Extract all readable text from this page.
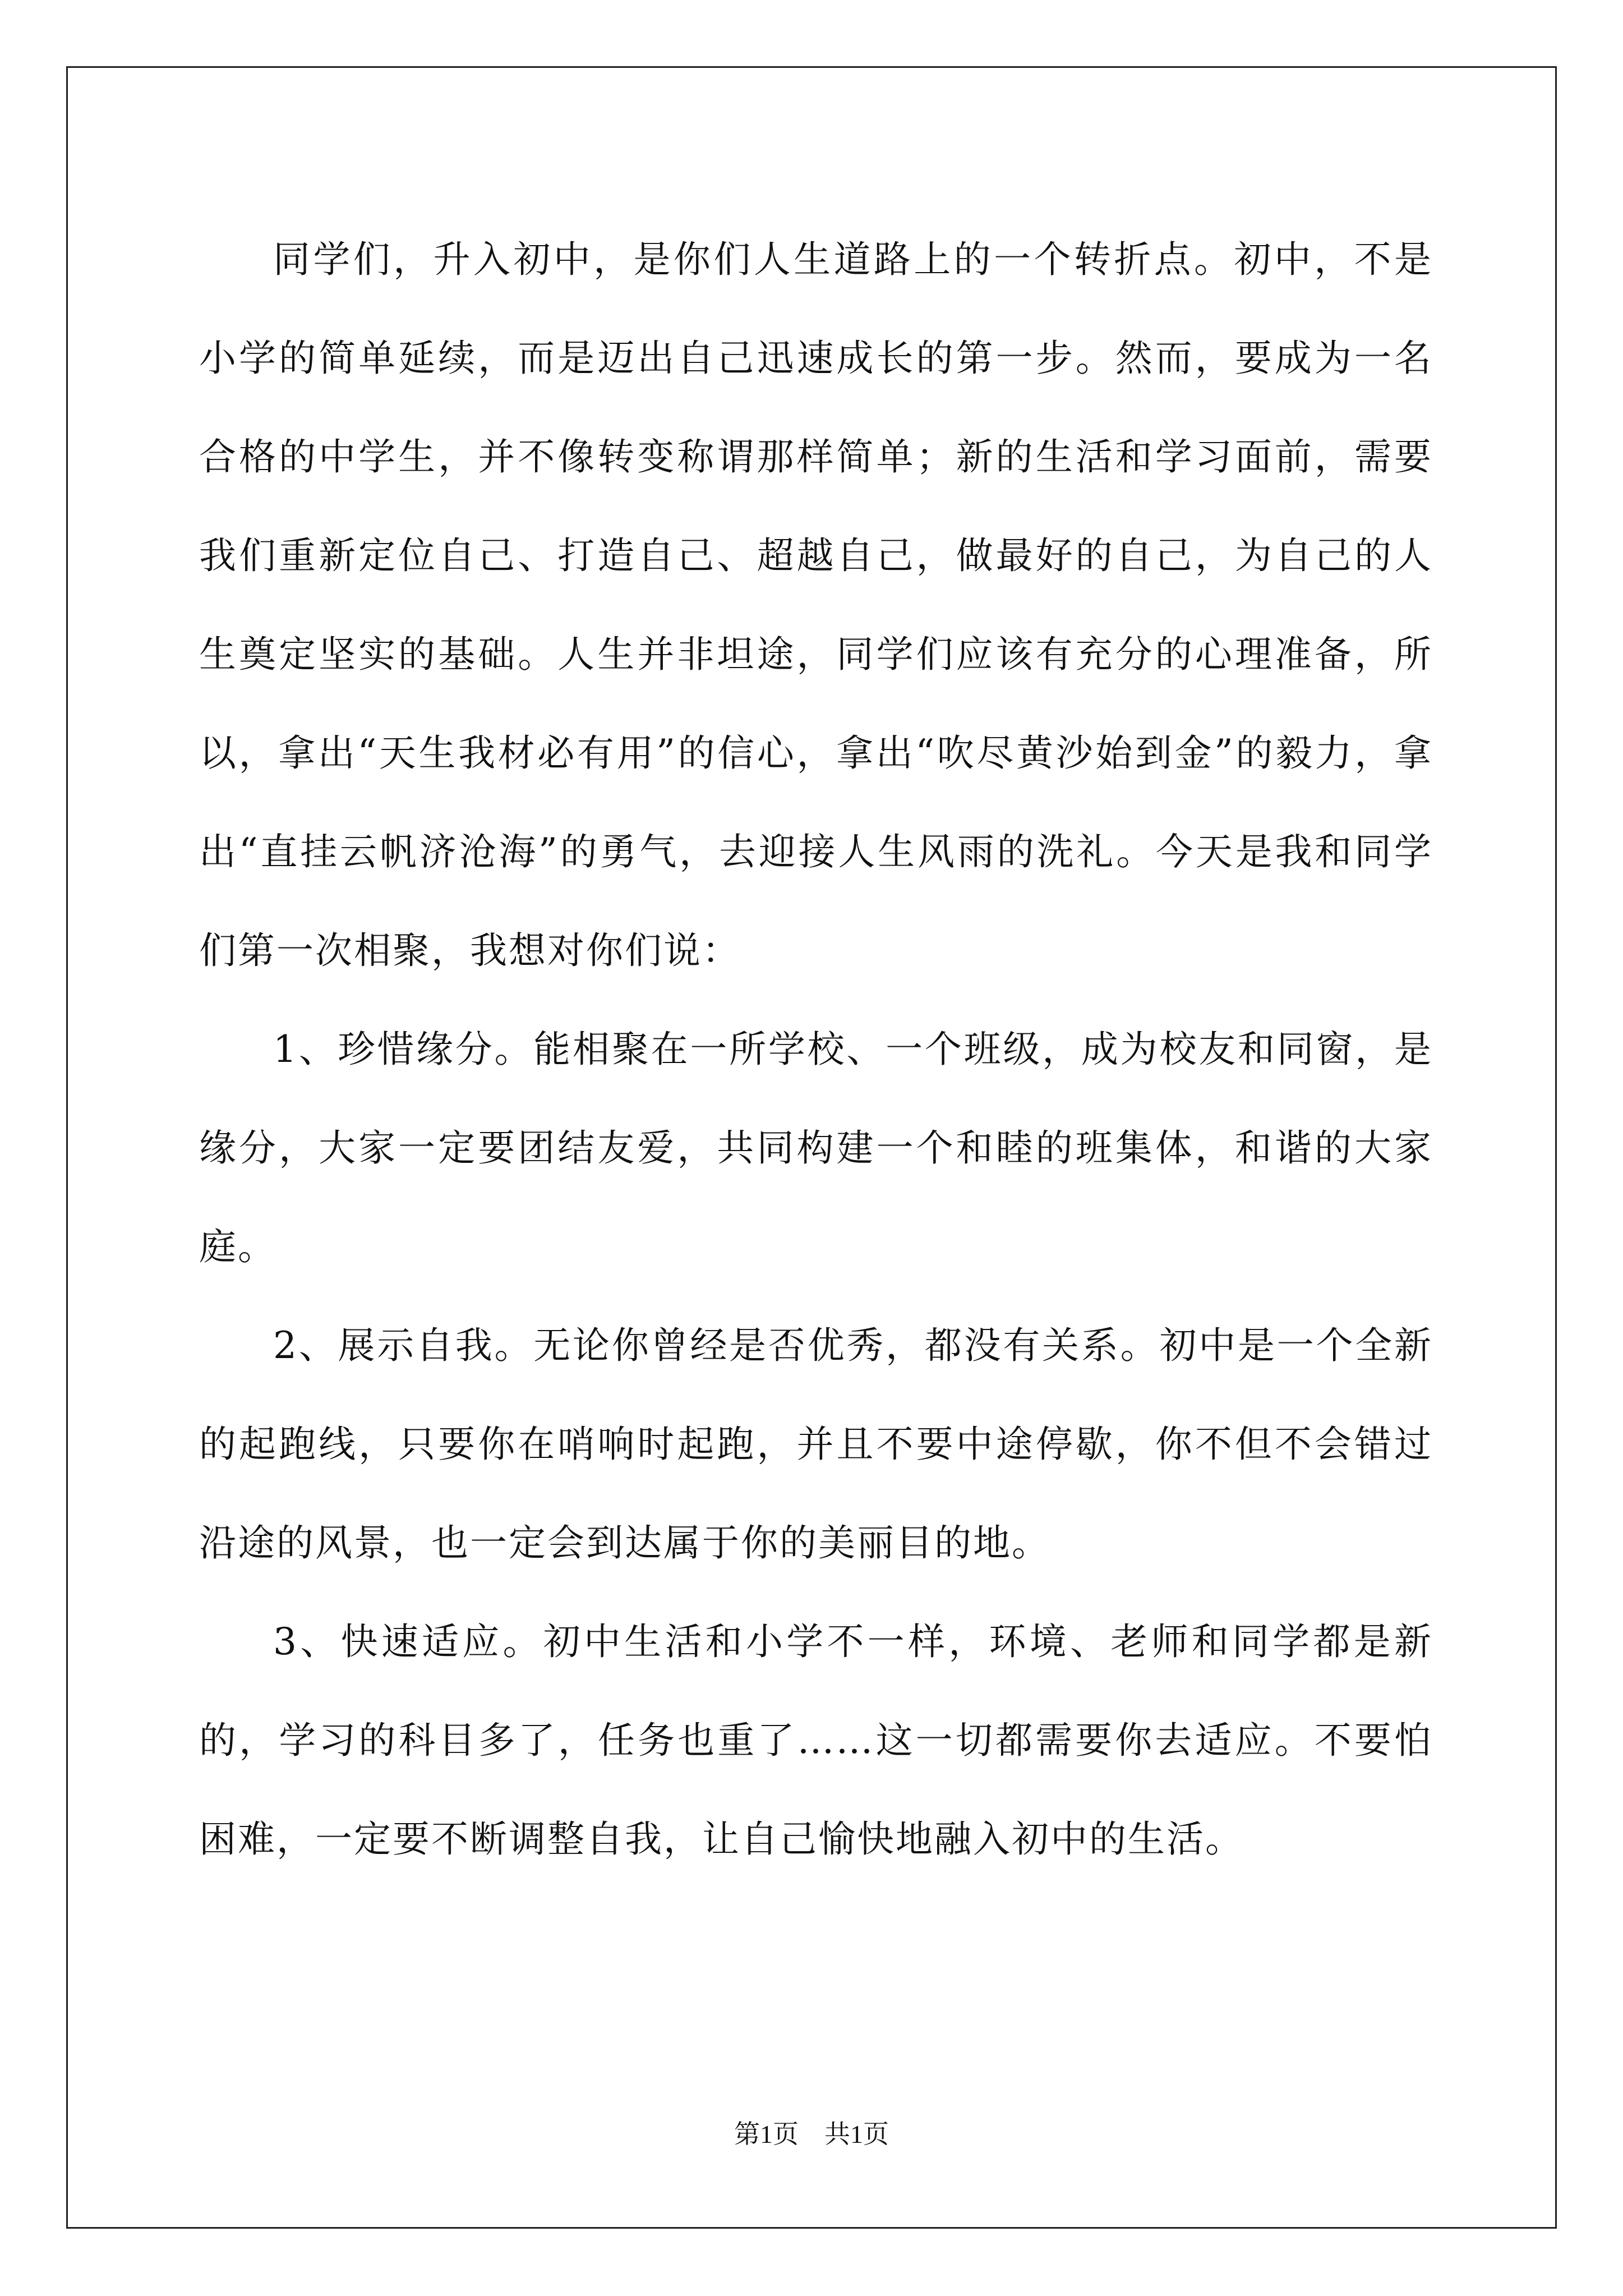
同学们，升入初中，是你们人生道路上的一个转折点。初中，不是小学的简单延续，而是迈出自己迅速成长的第一步。然而，要成为一名合格的中学生，并不像转变称谓那样简单；新的生活和学习面前，需要我们重新定位自己、打造自己、超越自己，做最好的自己，为自己的人生奠定坚实的基础。人生并非坦途，同学们应该有充分的心理准备，所以，拿出“天生我材必有用”的信心，拿出“吹尽黄沙始到金”的毅力，拿出“直挂云帆济沧海”的勇气，去迎接人生风雨的洗礼。今天是我和同学们第一次相聚，我想对你们说：

1、珍惜缘分。能相聚在一所学校、一个班级，成为校友和同窗，是缘分，大家一定要团结友爱，共同构建一个和睦的班集体，和谐的大家庭。

2、展示自我。无论你曾经是否优秀，都没有关系。初中是一个全新的起跑线，只要你在哨响时起跑，并且不要中途停歇，你不但不会错过沿途的风景，也一定会到达属于你的美丽目的地。

3、快速适应。初中生活和小学不一样，环境、老师和同学都是新的，学习的科目多了，任务也重了……这一切都需要你去适应。不要怕困难，一定要不断调整自我，让自己愉快地融入初中的生活。

第1页　共1页
